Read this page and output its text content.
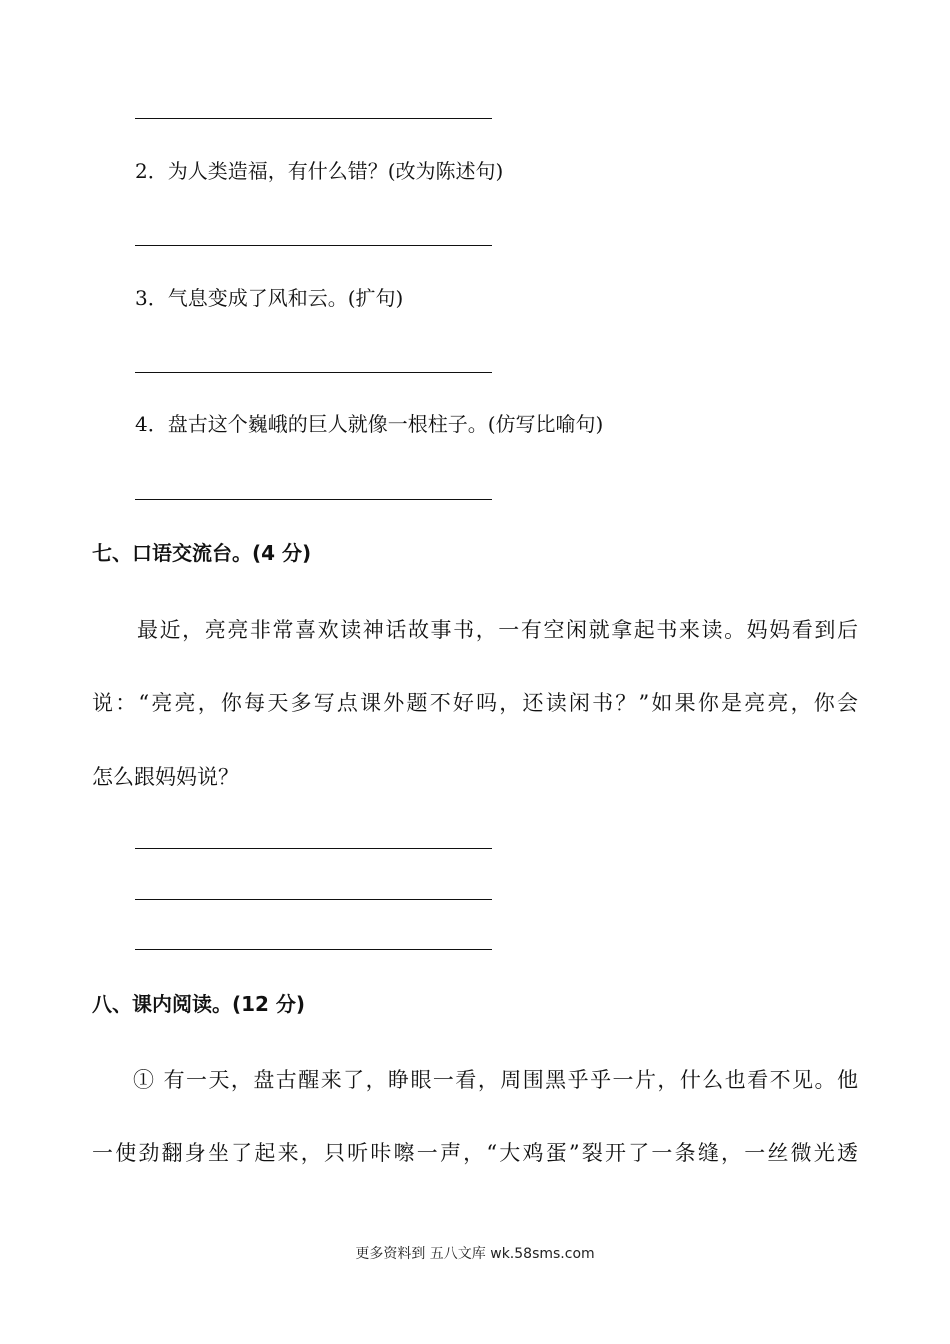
2．为人类造福，有什么错？(改为陈述句)
3．气息变成了风和云。(扩句)
4．盘古这个巍峨的巨人就像一根柱子。(仿写比喻句)
七、口语交流台。(4 分)
最近，亮亮非常喜欢读神话故事书，一有空闲就拿起书来读。妈妈看到后
说：“亮亮，你每天多写点课外题不好吗，还读闲书？”如果你是亮亮，你会
怎么跟妈妈说？
八、课内阅读。(12 分)
① 有一天，盘古醒来了，睁眼一看，周围黑乎乎一片，什么也看不见。他
一使劲翻身坐了起来，只听咔嚓一声，“大鸡蛋”裂开了一条缝，一丝微光透
更多资料到 五八文库 wk.58sms.com
